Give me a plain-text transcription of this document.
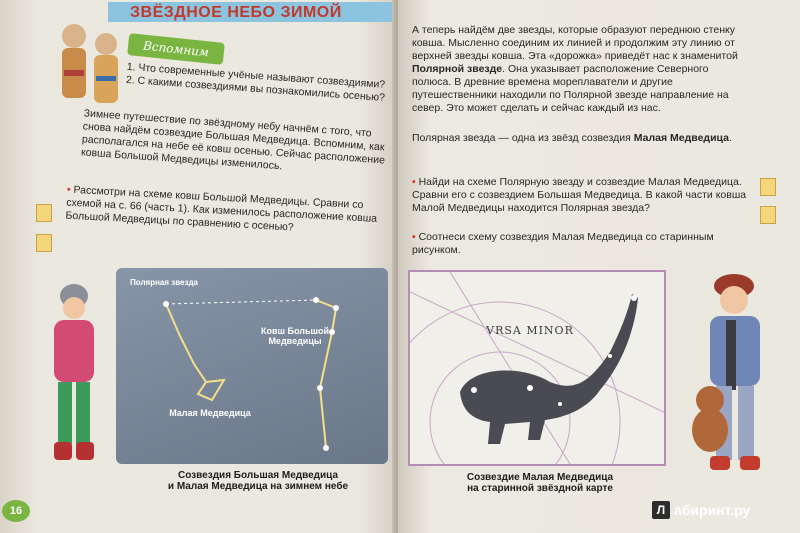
ЗВЁЗДНОЕ НЕБО ЗИМОЙ
Вспомним
1. Что современные учёные называют созвездиями? 2. С какими созвездиями вы познакомились осенью?
Зимнее путешествие по звёздному небу начнём с того, что снова найдём созвездие Большая Медведица. Вспомним, как располагался на небе её ковш осенью. Сейчас расположение ковша Большой Медведицы изменилось.
• Рассмотри на схеме ковш Большой Медведицы. Сравни со схемой на с. 66 (часть 1). Как изменилось расположение ковша Большой Медведицы по сравнению с осенью?
Полярная звезда
Ковш Большой Медведицы
Малая Медведица
Созвездия Большая Медведица
и Малая Медведица на зимнем небе
16
А теперь найдём две звезды, которые образуют переднюю стенку ковша. Мысленно соединим их линией и продолжим эту линию от верхней звезды ковша. Эта «дорожка» приведёт нас к знаменитой Полярной звезде. Она указывает расположение Северного полюса. В древние времена мореплаватели и другие путешественники находили по Полярной звезде направление на север. Это может сделать и сейчас каждый из нас.
Полярная звезда — одна из звёзд созвездия Малая Медведица.
• Найди на схеме Полярную звезду и созвездие Малая Медведица. Сравни его с созвездием Большая Медведица. В какой части ковша Малой Медведицы находится Полярная звезда?
• Соотнеси схему созвездия Малая Медведица со старинным рисунком.
VRSA MINOR
Созвездие Малая Медведица
на старинной звёздной карте
Л абиринт.ру
